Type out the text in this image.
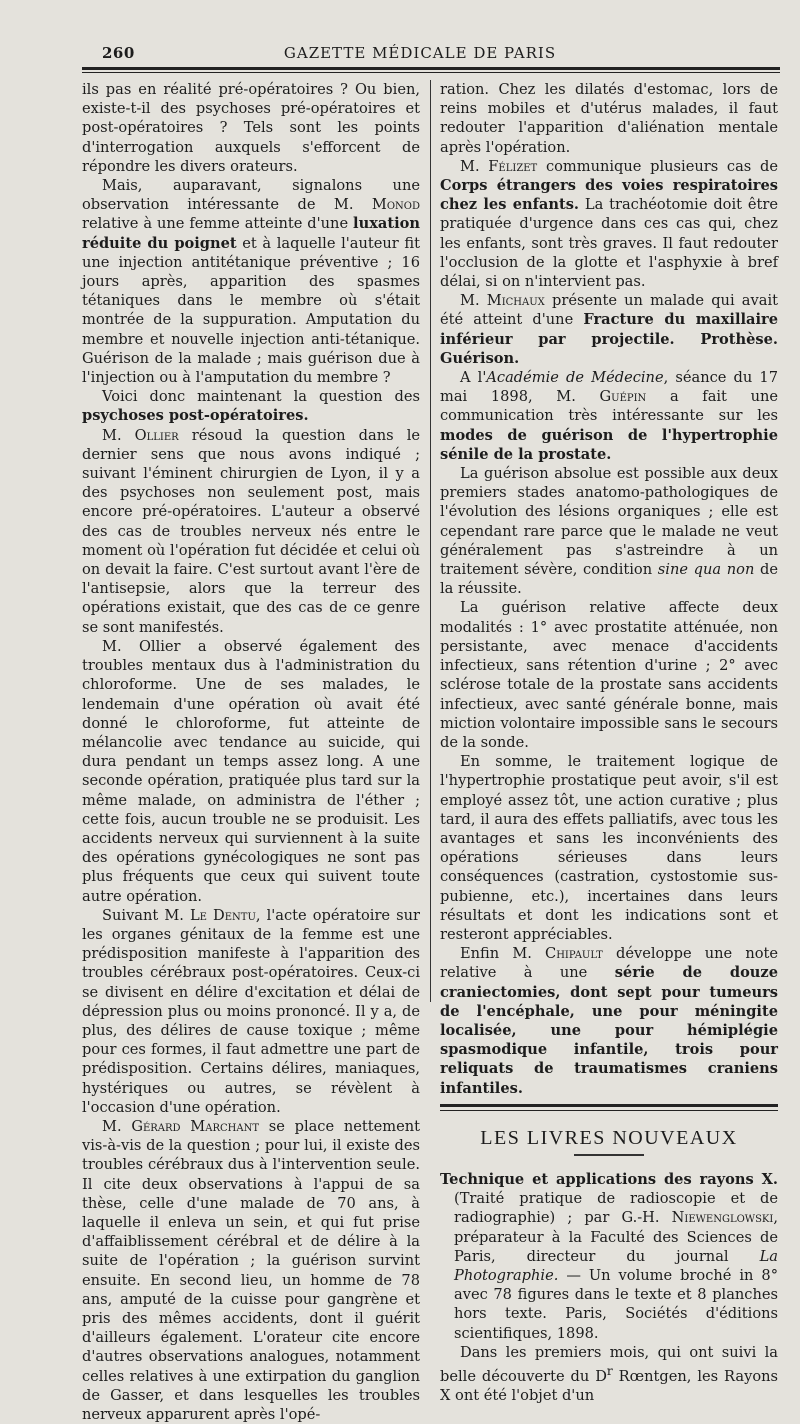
260	GAZETTE MÉDICALE DE PARIS

ils pas en réalité pré-opératoires ? Ou bien, existe-t-il des psychoses pré-opératoires et post-opératoires ? Tels sont les points d'interrogation auxquels s'efforcent de répondre les divers orateurs.

Mais, auparavant, signalons une observation intéressante de M. Monod relative à une femme atteinte d'une luxation réduite du poignet et à laquelle l'auteur fit une injection antitétanique préventive ; 16 jours après, apparition des spasmes tétaniques dans le membre où s'était montrée de la suppuration. Amputation du membre et nouvelle injection anti-tétanique. Guérison de la malade ; mais guérison due à l'injection ou à l'amputation du membre ?

Voici donc maintenant la question des psychoses post-opératoires.

M. Ollier résoud la question dans le dernier sens que nous avons indiqué ; suivant l'éminent chirurgien de Lyon, il y a des psychoses non seulement post, mais encore pré-opératoires. L'auteur a observé des cas de troubles nerveux nés entre le moment où l'opération fut décidée et celui où on devait la faire. C'est surtout avant l'ère de l'antisepsie, alors que la terreur des opérations existait, que des cas de ce genre se sont manifestés.

M. Ollier a observé également des troubles mentaux dus à l'administration du chloroforme. Une de ses malades, le lendemain d'une opération où avait été donné le chloroforme, fut atteinte de mélancolie avec tendance au suicide, qui dura pendant un temps assez long. A une seconde opération, pratiquée plus tard sur la même malade, on administra de l'éther ; cette fois, aucun trouble ne se produisit. Les accidents nerveux qui surviennent à la suite des opérations gynécologiques ne sont pas plus fréquents que ceux qui suivent toute autre opération.

Suivant M. Le Dentu, l'acte opératoire sur les organes génitaux de la femme est une prédisposition manifeste à l'apparition des troubles cérébraux post-opératoires. Ceux-ci se divisent en délire d'excitation et délai de dépression plus ou moins prononcé. Il y a, de plus, des délires de cause toxique ; même pour ces formes, il faut admettre une part de prédisposition. Certains délires, maniaques, hystériques ou autres, se révèlent à l'occasion d'une opération.

M. Gérard Marchant se place nettement vis-à-vis de la question ; pour lui, il existe des troubles cérébraux dus à l'intervention seule. Il cite deux observations à l'appui de sa thèse, celle d'une malade de 70 ans, à laquelle il enleva un sein, et qui fut prise d'affaiblissement cérébral et de délire à la suite de l'opération ; la guérison survint ensuite. En second lieu, un homme de 78 ans, amputé de la cuisse pour gangrène et pris des mêmes accidents, dont il guérit d'ailleurs également. L'orateur cite encore d'autres observations analogues, notamment celles relatives à une extirpation du ganglion de Gasser, et dans lesquelles les troubles nerveux apparurent après l'opé-

ration. Chez les dilatés d'estomac, lors de reins mobiles et d'utérus malades, il faut redouter l'apparition d'aliénation mentale après l'opération.

M. Félizet communique plusieurs cas de Corps étrangers des voies respiratoires chez les enfants. La trachéotomie doit être pratiquée d'urgence dans ces cas qui, chez les enfants, sont très graves. Il faut redouter l'occlusion de la glotte et l'asphyxie à bref délai, si on n'intervient pas.

M. Michaux présente un malade qui avait été atteint d'une Fracture du maxillaire inférieur par projectile. Prothèse. Guérison.

A l'Académie de Médecine, séance du 17 mai 1898, M. Guépin a fait une communication très intéressante sur les modes de guérison de l'hypertrophie sénile de la prostate.

La guérison absolue est possible aux deux premiers stades anatomo-pathologiques de l'évolution des lésions organiques ; elle est cependant rare parce que le malade ne veut généralement pas s'astreindre à un traitement sévère, condition sine qua non de la réussite.

La guérison relative affecte deux modalités : 1° avec prostatite atténuée, non persistante, avec menace d'accidents infectieux, sans rétention d'urine ; 2° avec sclérose totale de la prostate sans accidents infectieux, avec santé générale bonne, mais miction volontaire impossible sans le secours de la sonde.

En somme, le traitement logique de l'hypertrophie prostatique peut avoir, s'il est employé assez tôt, une action curative ; plus tard, il aura des effets palliatifs, avec tous les avantages et sans les inconvénients des opérations sérieuses dans leurs conséquences (castration, cystostomie sus-pubienne, etc.), incertaines dans leurs résultats et dont les indications sont et resteront appréciables.

Enfin M. Chipault développe une note relative à une série de douze craniectomies, dont sept pour tumeurs de l'encéphale, une pour méningite localisée, une pour hémiplégie spasmodique infantile, trois pour reliquats de traumatismes craniens infantiles.

LES LIVRES NOUVEAUX

Technique et applications des rayons X. (Traité pratique de radioscopie et de radiographie) ; par G.-H. Niewenglowski, préparateur à la Faculté des Sciences de Paris, directeur du journal La Photographie. — Un volume broché in 8° avec 78 figures dans le texte et 8 planches hors texte. Paris, Sociétés d'éditions scientifiques, 1898.

Dans les premiers mois, qui ont suivi la belle découverte du $D^r$ Rœntgen, les Rayons X ont été l'objet d'un
